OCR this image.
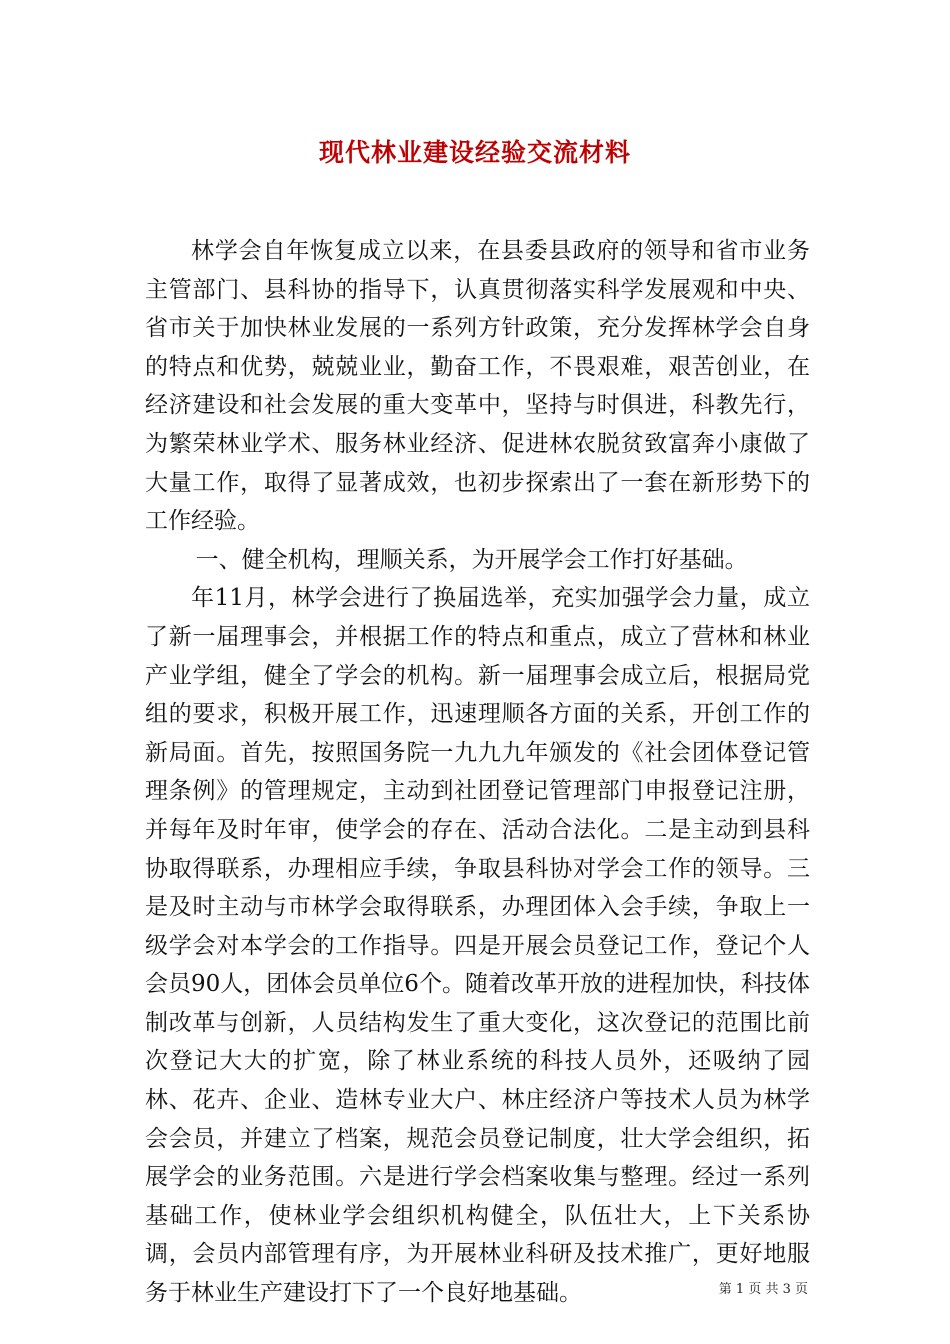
现代林业建设经验交流材料

林学会自年恢复成立以来，在县委县政府的领导和省市业务主管部门、县科协的指导下，认真贯彻落实科学发展观和中央、省市关于加快林业发展的一系列方针政策，充分发挥林学会自身的特点和优势，兢兢业业，勤奋工作，不畏艰难，艰苦创业，在经济建设和社会发展的重大变革中，坚持与时俱进，科教先行，为繁荣林业学术、服务林业经济、促进林农脱贫致富奔小康做了大量工作，取得了显著成效，也初步探索出了一套在新形势下的工作经验。

一、健全机构，理顺关系，为开展学会工作打好基础。

年11月，林学会进行了换届选举，充实加强学会力量，成立了新一届理事会，并根据工作的特点和重点，成立了营林和林业产业学组，健全了学会的机构。新一届理事会成立后，根据局党组的要求，积极开展工作，迅速理顺各方面的关系，开创工作的新局面。首先，按照国务院一九九九年颁发的《社会团体登记管理条例》的管理规定，主动到社团登记管理部门申报登记注册，并每年及时年审，使学会的存在、活动合法化。二是主动到县科协取得联系，办理相应手续，争取县科协对学会工作的领导。三是及时主动与市林学会取得联系，办理团体入会手续，争取上一级学会对本学会的工作指导。四是开展会员登记工作，登记个人会员90人，团体会员单位6个。随着改革开放的进程加快，科技体制改革与创新，人员结构发生了重大变化，这次登记的范围比前次登记大大的扩宽，除了林业系统的科技人员外，还吸纳了园林、花卉、企业、造林专业大户、林庄经济户等技术人员为林学会会员，并建立了档案，规范会员登记制度，壮大学会组织，拓展学会的业务范围。六是进行学会档案收集与整理。经过一系列基础工作，使林业学会组织机构健全，队伍壮大，上下关系协调，会员内部管理有序，为开展林业科研及技术推广，更好地服务于林业生产建设打下了一个良好地基础。	第 1 页 共 3 页
